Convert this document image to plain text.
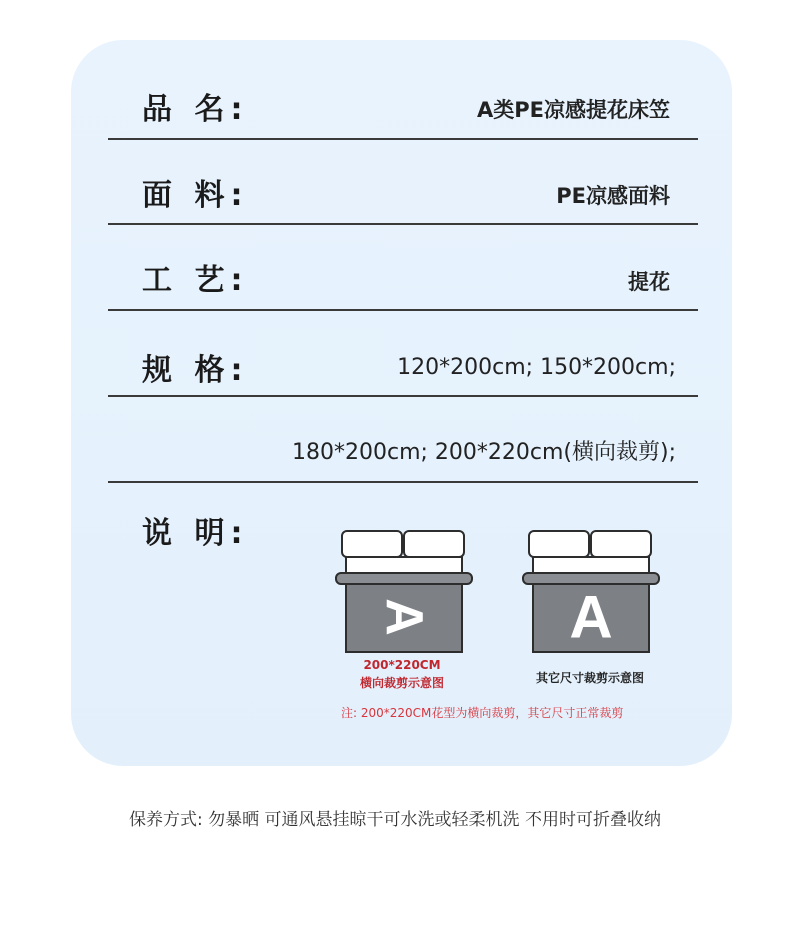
品 名:	A类PE凉感提花床笠
面 料:	PE凉感面料
工 艺:	提花
规 格:	120*200cm; 150*200cm;
180*200cm; 200*220cm(横向裁剪);
说 明:
A
200*220CM
横向裁剪示意图
A
其它尺寸裁剪示意图
注: 200*220CM花型为横向裁剪，其它尺寸正常裁剪
保养方式: 勿暴晒 可通风悬挂晾干可水洗或轻柔机洗 不用时可折叠收纳
